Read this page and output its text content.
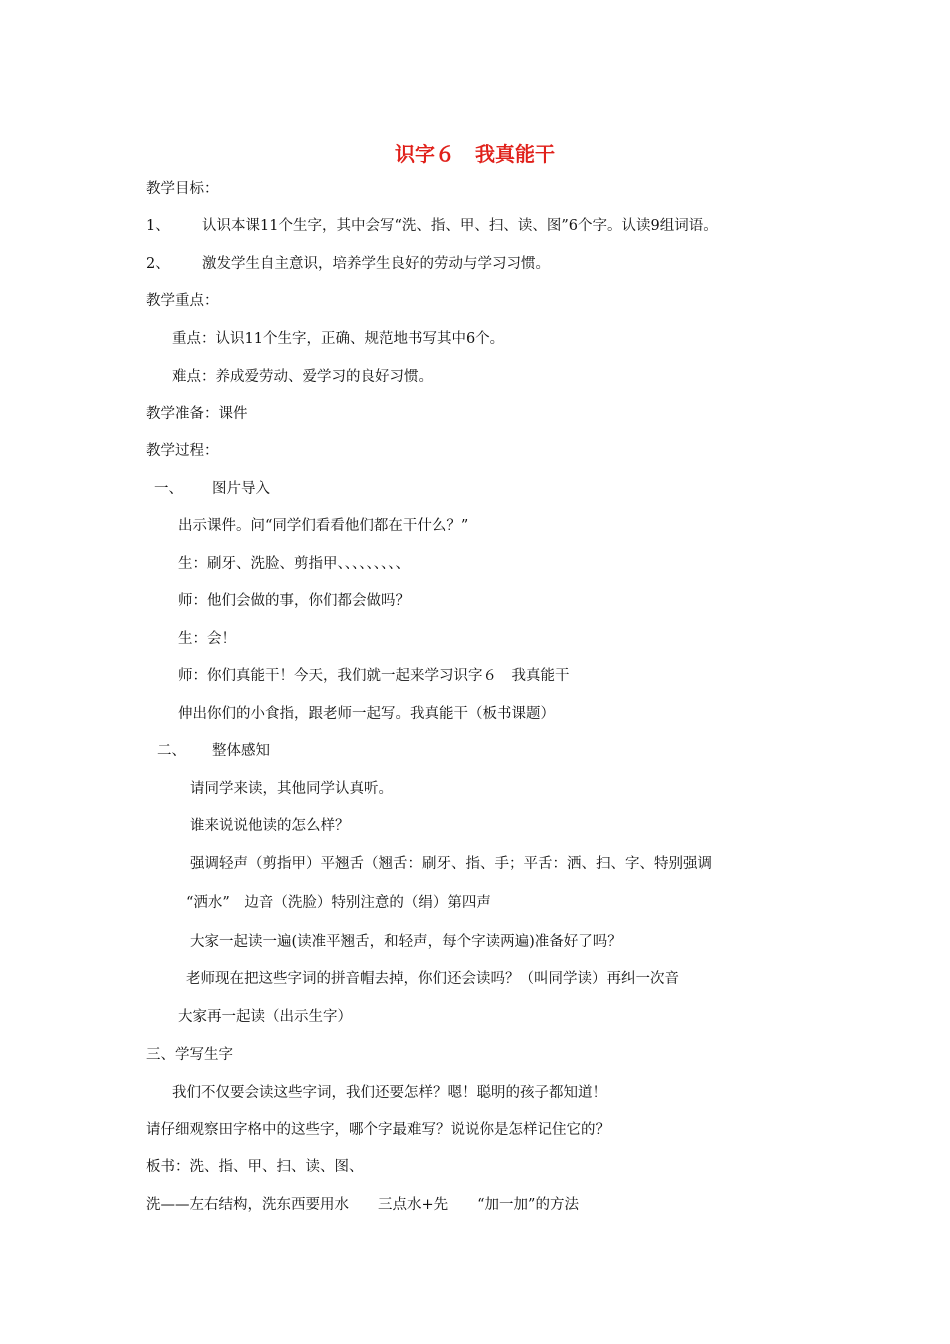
识字６　我真能干
教学目标：
1、 认识本课11个生字，其中会写“洗、指、甲、扫、读、图”6个字。认读9组词语。
2、 激发学生自主意识，培养学生良好的劳动与学习习惯。
教学重点：
重点：认识11个生字，正确、规范地书写其中6个。
难点：养成爱劳动、爱学习的良好习惯。
教学准备：课件
教学过程：
一、 图片导入
出示课件。问“同学们看看他们都在干什么？”
生：刷牙、洗脸、剪指甲、、、、、、、、、
师：他们会做的事，你们都会做吗？
生：会！
师：你们真能干！今天，我们就一起来学习识字６　我真能干
伸出你们的小食指，跟老师一起写。我真能干（板书课题）
二、 整体感知
请同学来读，其他同学认真听。
谁来说说他读的怎么样？
强调轻声（剪指甲）平翘舌（翘舌：刷牙、指、手；平舌：洒、扫、字、特别强调
“洒水”　边音（洗脸）特别注意的（绢）第四声
大家一起读一遍(读准平翘舌，和轻声，每个字读两遍)准备好了吗？
老师现在把这些字词的拼音帽去掉，你们还会读吗？（叫同学读）再纠一次音
大家再一起读（出示生字）
三、学写生字
我们不仅要会读这些字词，我们还要怎样？嗯！聪明的孩子都知道！
请仔细观察田字格中的这些字，哪个字最难写？说说你是怎样记住它的？
板书：洗、指、甲、扫、读、图、
洗——左右结构，洗东西要用水　　三点水+先　　“加一加”的方法
